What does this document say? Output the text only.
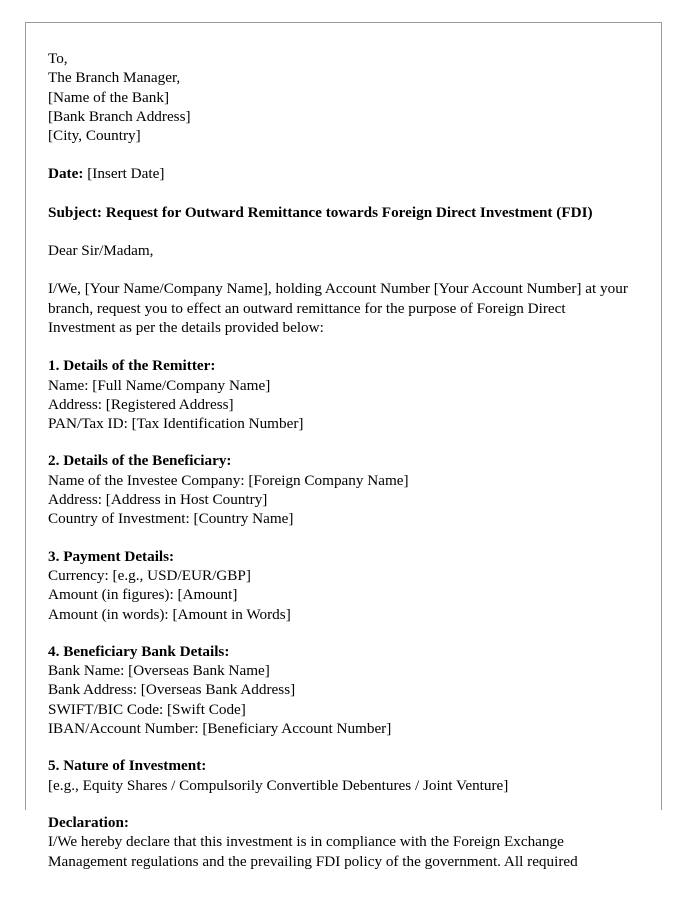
To,
The Branch Manager,
[Name of the Bank]
[Bank Branch Address]
[City, Country]
Date: [Insert Date]
Subject: Request for Outward Remittance towards Foreign Direct Investment (FDI)
Dear Sir/Madam,
I/We, [Your Name/Company Name], holding Account Number [Your Account Number] at your branch, request you to effect an outward remittance for the purpose of Foreign Direct Investment as per the details provided below:
1. Details of the Remitter:
Name: [Full Name/Company Name]
Address: [Registered Address]
PAN/Tax ID: [Tax Identification Number]
2. Details of the Beneficiary:
Name of the Investee Company: [Foreign Company Name]
Address: [Address in Host Country]
Country of Investment: [Country Name]
3. Payment Details:
Currency: [e.g., USD/EUR/GBP]
Amount (in figures): [Amount]
Amount (in words): [Amount in Words]
4. Beneficiary Bank Details:
Bank Name: [Overseas Bank Name]
Bank Address: [Overseas Bank Address]
SWIFT/BIC Code: [Swift Code]
IBAN/Account Number: [Beneficiary Account Number]
5. Nature of Investment:
[e.g., Equity Shares / Compulsorily Convertible Debentures / Joint Venture]
Declaration:
I/We hereby declare that this investment is in compliance with the Foreign Exchange
Management regulations and the prevailing FDI policy of the government. All required
